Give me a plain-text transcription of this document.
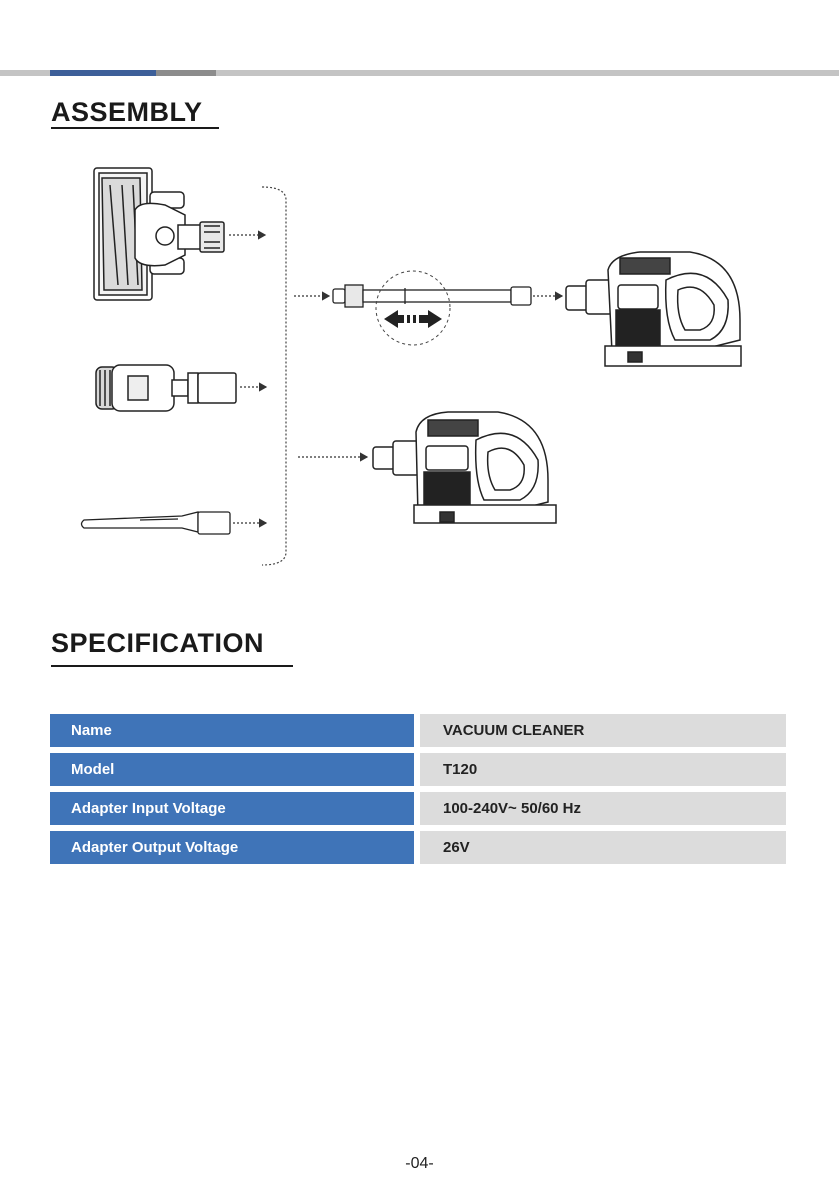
ASSEMBLY
SPECIFICATION
Name	VACUUM CLEANER
Model	T120
Adapter Input Voltage	100-240V~ 50/60 Hz
Adapter Output Voltage	26V
-04-
